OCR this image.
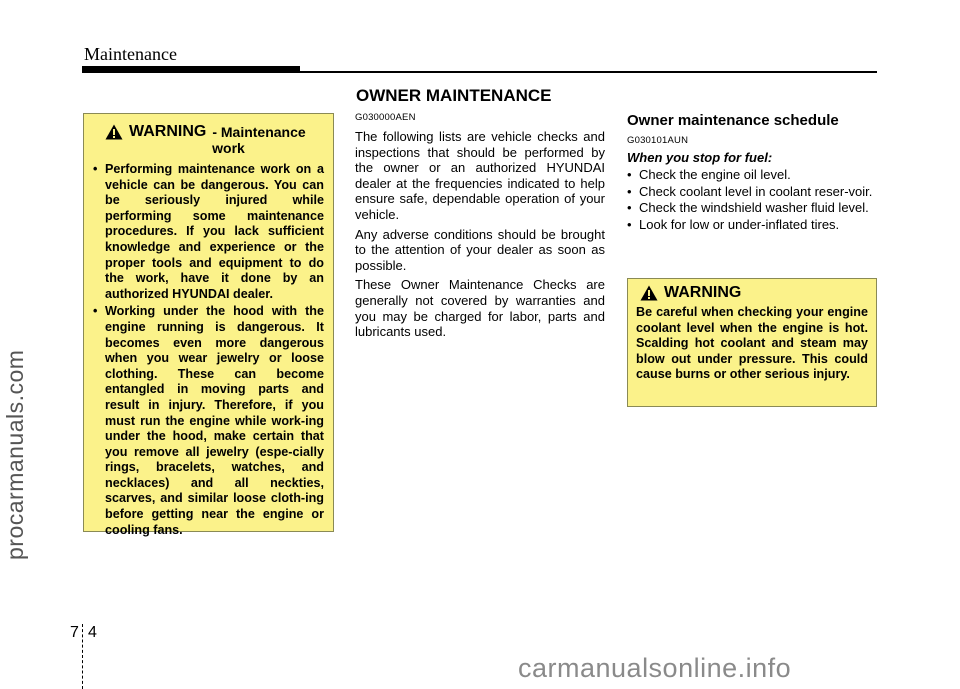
Maintenance
procarmanuals.com
OWNER MAINTENANCE
WARNING - Maintenance
work
• Performing maintenance work on a vehicle can be dangerous. You can be seriously injured while performing some maintenance procedures. If you lack sufficient knowledge and experience or the proper tools and equipment to do the work, have it done by an authorized HYUNDAI dealer.
• Working under the hood with the engine running is dangerous. It becomes even more dangerous when you wear jewelry or loose clothing. These can become entangled in moving parts and result in injury. Therefore, if you must run the engine while work-ing under the hood, make certain that you remove all jewelry (espe-cially rings, bracelets, watches, and necklaces) and all neckties, scarves, and similar loose cloth-ing before getting near the engine or cooling fans.
G030000AEN

The following lists are vehicle checks and inspections that should be performed by the owner or an authorized HYUNDAI dealer at the frequencies indicated to help ensure safe, dependable operation of your vehicle.

Any adverse conditions should be brought to the attention of your dealer as soon as possible.

These Owner Maintenance Checks are generally not covered by warranties and you may be charged for labor, parts and lubricants used.

Owner maintenance schedule
G030101AUN
When you stop for fuel:
• Check the engine oil level.
• Check coolant level in coolant reser-voir.
• Check the windshield washer fluid level.
• Look for low or under-inflated tires.
WARNING
Be careful when checking your engine coolant level when the engine is hot. Scalding hot coolant and steam may blow out under pressure. This could cause burns or other serious injury.
7 4
carmanualsonline.info
